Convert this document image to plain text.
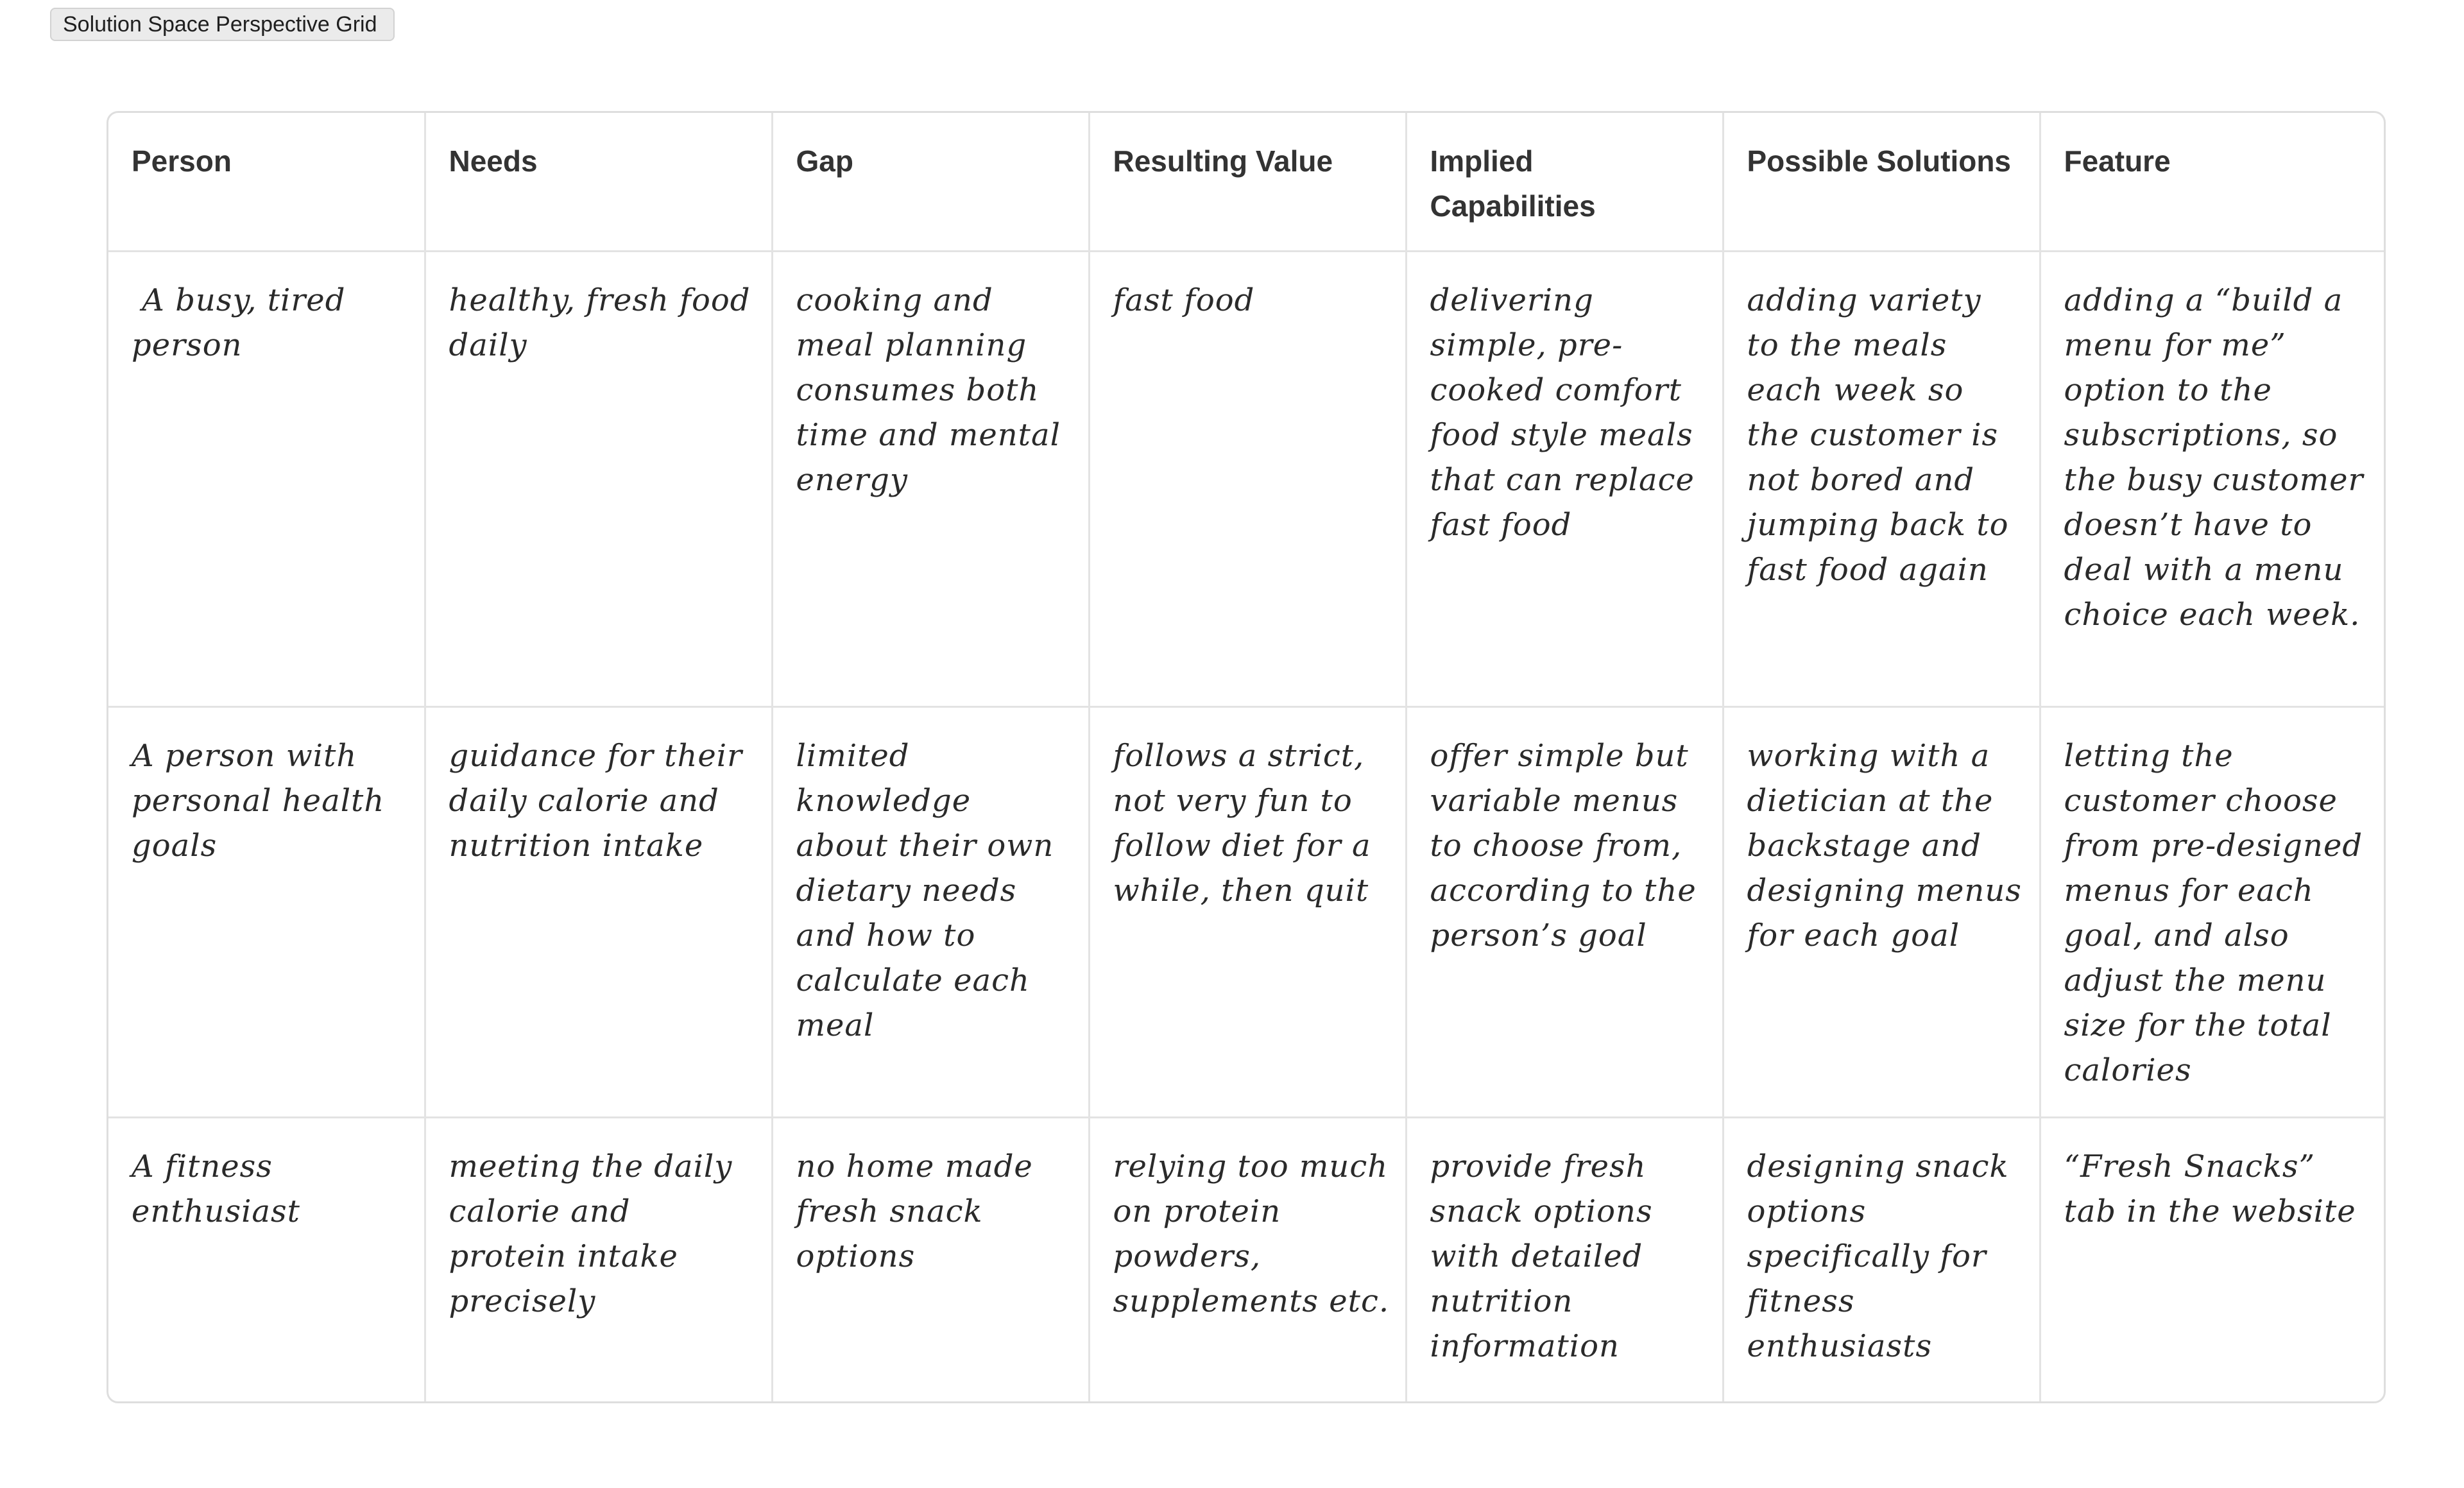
Solution Space Perspective Grid
Person	Needs	Gap	Resulting Value	Implied Capabilities	Possible Solutions	Feature
A busy, tired person	healthy, fresh food daily	cooking and meal planning consumes both time and mental energy	fast food	delivering simple, pre-cooked comfort food style meals that can replace fast food	adding variety to the meals each week so the customer is not bored and jumping back to fast food again	adding a “build a menu for me” option to the subscriptions, so the busy customer doesn’t have to deal with a menu choice each week.
A person with personal health goals	guidance for their daily calorie and nutrition intake	limited knowledge about their own dietary needs and how to calculate each meal	follows a strict, not very fun to follow diet for a while, then quit	offer simple but variable menus to choose from, according to the person’s goal	working with a dietician at the backstage and designing menus for each goal	letting the customer choose from pre-designed menus for each goal, and also adjust the menu size for the total calories
A fitness enthusiast	meeting the daily calorie and protein intake precisely	no home made fresh snack options	relying too much on protein powders, supplements etc.	provide fresh snack options with detailed nutrition information	designing snack options specifically for fitness enthusiasts	“Fresh Snacks” tab in the website
